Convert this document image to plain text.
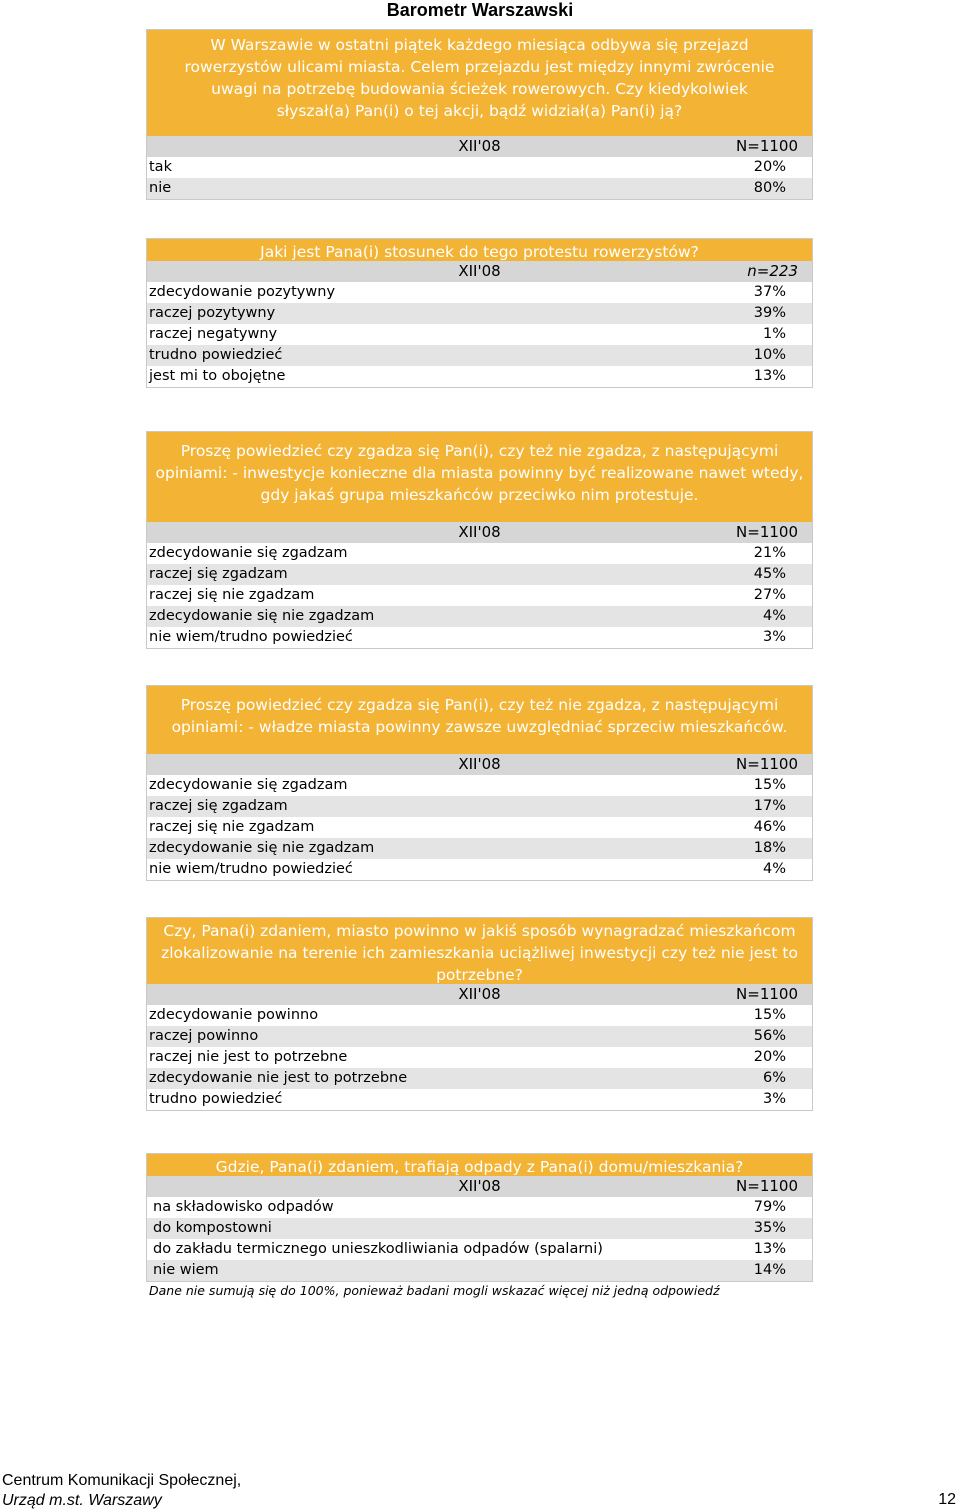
Barometr Warszawski
W Warszawie w ostatni piątek każdego miesiąca odbywa się przejazd rowerzystów ulicami miasta. Celem przejazdu jest między innymi zwrócenie uwagi na potrzebę budowania ścieżek rowerowych. Czy kiedykolwiek słyszał(a) Pan(i) o tej akcji, bądź widział(a) Pan(i) ją?
XII'08	N=1100
tak	20%
nie	80%
Jaki jest Pana(i) stosunek do tego protestu rowerzystów?
XII'08	n=223
zdecydowanie pozytywny	37%
raczej pozytywny	39%
raczej negatywny	1%
trudno powiedzieć	10%
jest mi to obojętne	13%
Proszę powiedzieć czy zgadza się Pan(i), czy też nie zgadza, z następującymi opiniami: - inwestycje konieczne dla miasta powinny być realizowane nawet wtedy, gdy jakaś grupa mieszkańców przeciwko nim protestuje.
XII'08	N=1100
zdecydowanie się zgadzam	21%
raczej się zgadzam	45%
raczej się nie zgadzam	27%
zdecydowanie się nie zgadzam	4%
nie wiem/trudno powiedzieć	3%
Proszę powiedzieć czy zgadza się Pan(i), czy też nie zgadza, z następującymi opiniami: - władze miasta powinny zawsze uwzględniać sprzeciw mieszkańców.
XII'08	N=1100
zdecydowanie się zgadzam	15%
raczej się zgadzam	17%
raczej się nie zgadzam	46%
zdecydowanie się nie zgadzam	18%
nie wiem/trudno powiedzieć	4%
Czy, Pana(i) zdaniem, miasto powinno w jakiś sposób wynagradzać mieszkańcom zlokalizowanie na terenie ich zamieszkania uciążliwej inwestycji czy też nie jest to potrzebne?
XII'08	N=1100
zdecydowanie powinno	15%
raczej powinno	56%
raczej nie jest to potrzebne	20%
zdecydowanie nie jest to potrzebne	6%
trudno powiedzieć	3%
Gdzie, Pana(i) zdaniem, trafiają odpady z Pana(i) domu/mieszkania?
XII'08	N=1100
na składowisko odpadów	79%
do kompostowni	35%
do zakładu termicznego unieszkodliwiania odpadów (spalarni)	13%
nie wiem	14%
Dane nie sumują się do 100%, ponieważ badani mogli wskazać więcej niż jedną odpowiedź
Centrum Komunikacji Społecznej,
Urząd m.st. Warszawy	12
